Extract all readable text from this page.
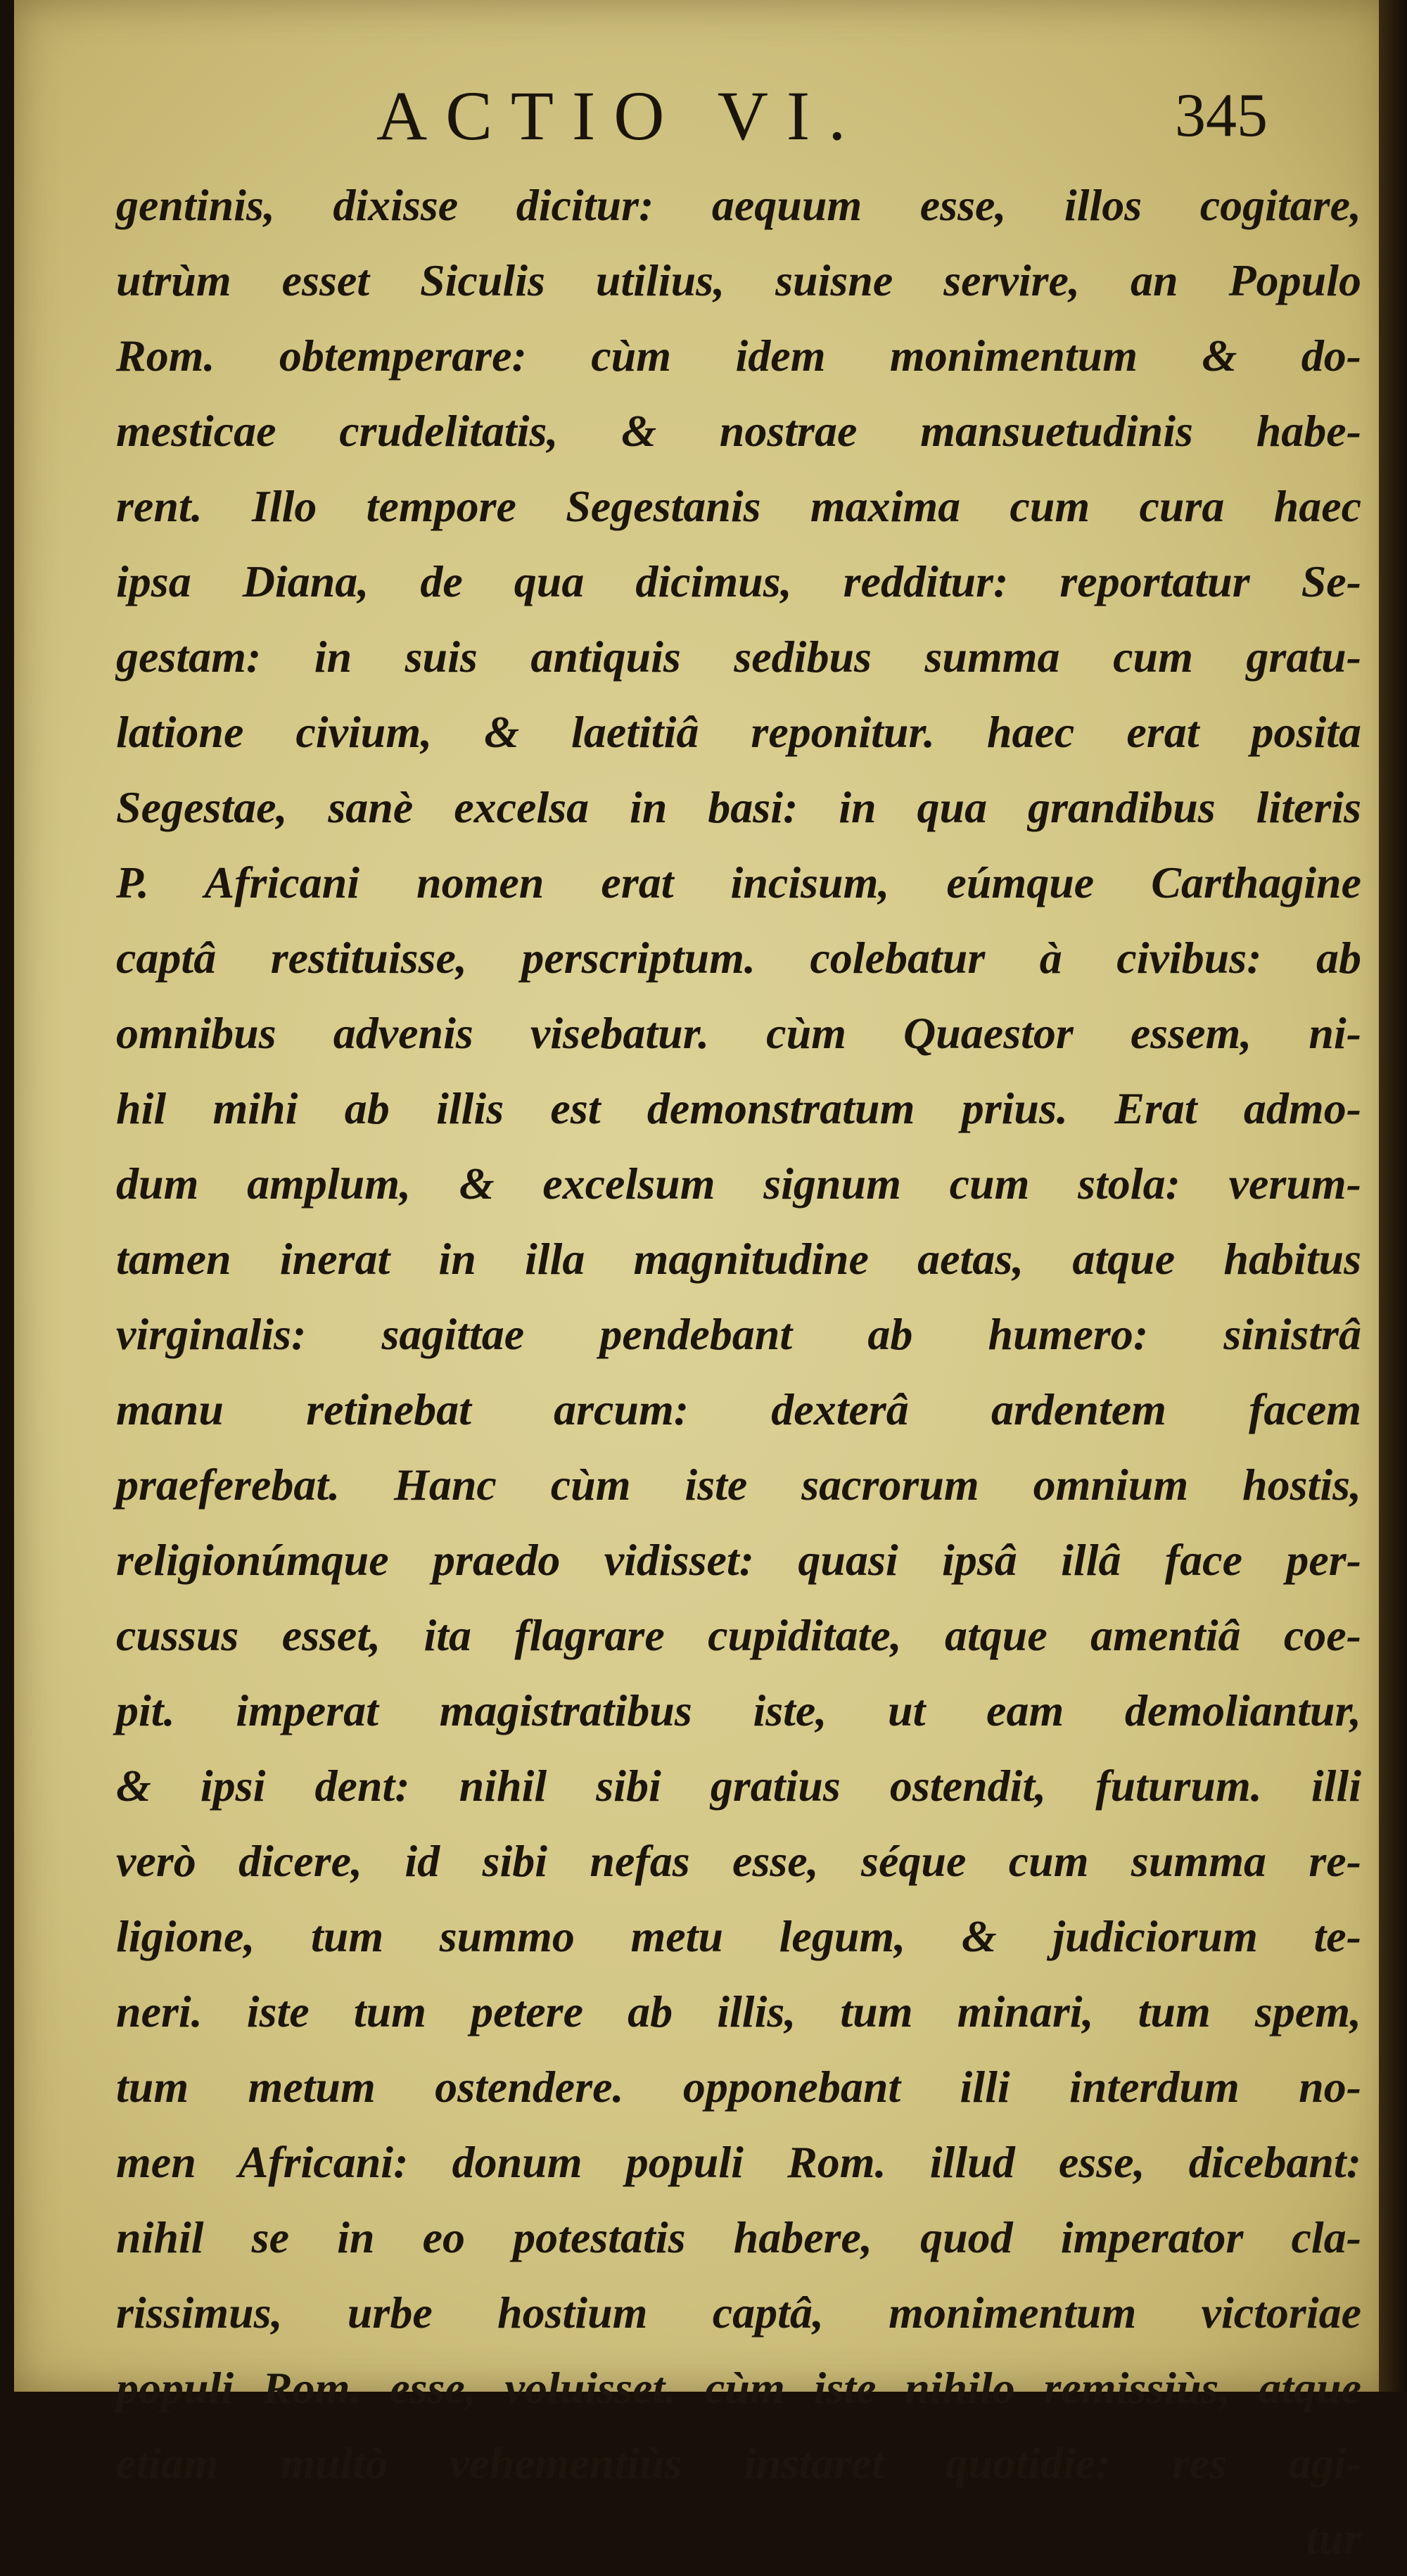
ACTIO VI.	345
gentinis, dixisse dicitur: aequum esse, illos cogitare,
utrùm esset Siculis utilius, suisne servire, an Populo
Rom. obtemperare: cùm idem monimentum & do-
mesticae crudelitatis, & nostrae mansuetudinis habe-
rent. Illo tempore Segestanis maxima cum cura haec
ipsa Diana, de qua dicimus, redditur: reportatur Se-
gestam: in suis antiquis sedibus summa cum gratu-
latione civium, & laetitiâ reponitur. haec erat posita
Segestae, sanè excelsa in basi: in qua grandibus literis
P. Africani nomen erat incisum, eúmque Carthagine
captâ restituisse, perscriptum. colebatur à civibus: ab
omnibus advenis visebatur. cùm Quaestor essem, ni-
hil mihi ab illis est demonstratum prius. Erat admo-
dum amplum, & excelsum signum cum stola: verum-
tamen inerat in illa magnitudine aetas, atque habitus
virginalis: sagittae pendebant ab humero: sinistrâ
manu retinebat arcum: dexterâ ardentem facem
praeferebat. Hanc cùm iste sacrorum omnium hostis,
religionúmque praedo vidisset: quasi ipsâ illâ face per-
cussus esset, ita flagrare cupiditate, atque amentiâ coe-
pit. imperat magistratibus iste, ut eam demoliantur,
& ipsi dent: nihil sibi gratius ostendit, futurum. illi
verò dicere, id sibi nefas esse, séque cum summa re-
ligione, tum summo metu legum, & judiciorum te-
neri. iste tum petere ab illis, tum minari, tum spem,
tum metum ostendere. opponebant illi interdum no-
men Africani: donum populi Rom. illud esse, dicebant:
nihil se in eo potestatis habere, quod imperator cla-
rissimus, urbe hostium captâ, monimentum victoriae
populi Rom. esse, voluisset. cùm iste nihilo remissiùs, atque
etiam multò vehementiùs instaret quotidie: res agi-
tur
